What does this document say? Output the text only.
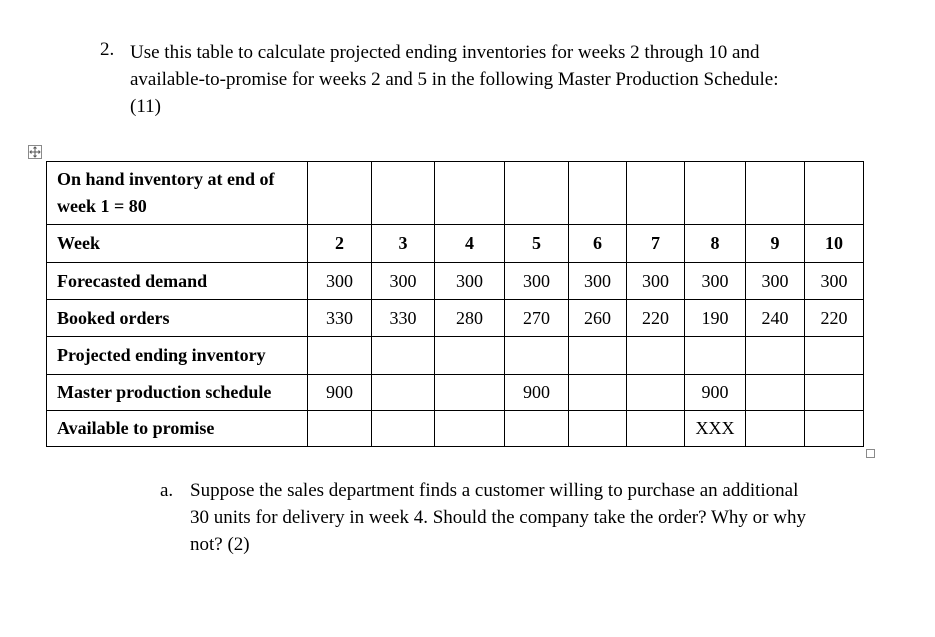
2. Use this table to calculate projected ending inventories for weeks 2 through 10 and
available-to-promise for weeks 2 and 5 in the following Master Production Schedule:
(11)
On hand inventory at end of
week 1 = 80									
Week	2	3	4	5	6	7	8	9	10
Forecasted demand	300	300	300	300	300	300	300	300	300
Booked orders	330	330	280	270	260	220	190	240	220
Projected ending inventory									
Master production schedule	900			900			900		
Available to promise							XXX		
a. Suppose the sales department finds a customer willing to purchase an additional
30 units for delivery in week 4. Should the company take the order? Why or why
not? (2)
